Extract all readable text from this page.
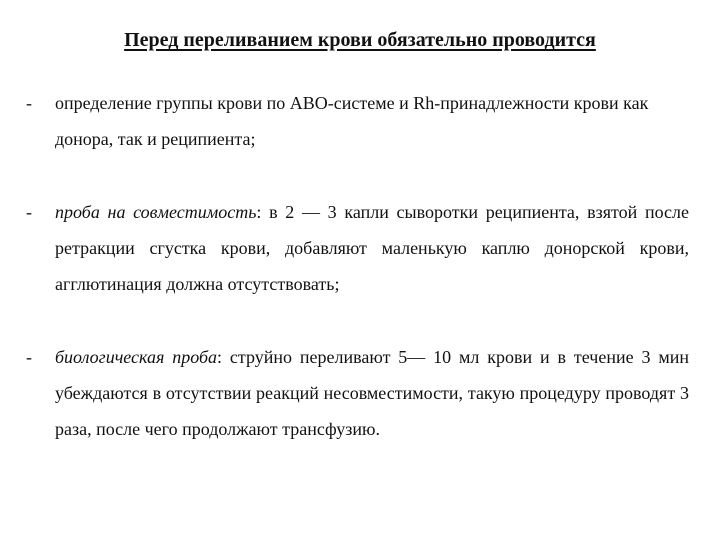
Перед переливанием крови обязательно проводится
- определение группы крови по АВО-системе и Rh-принадлежности крови как донора, так и реципиента;

- проба на совместимость: в 2 — 3 капли сыворотки реципиента, взятой после ретракции сгустка крови, добавляют маленькую каплю донорской крови, агглютинация должна отсутствовать;

- биологическая проба: струйно переливают 5— 10 мл крови и в течение 3 мин убеждаются в отсутствии реакций несовместимости, такую процедуру проводят 3 раза, после чего продолжают трансфузию.
